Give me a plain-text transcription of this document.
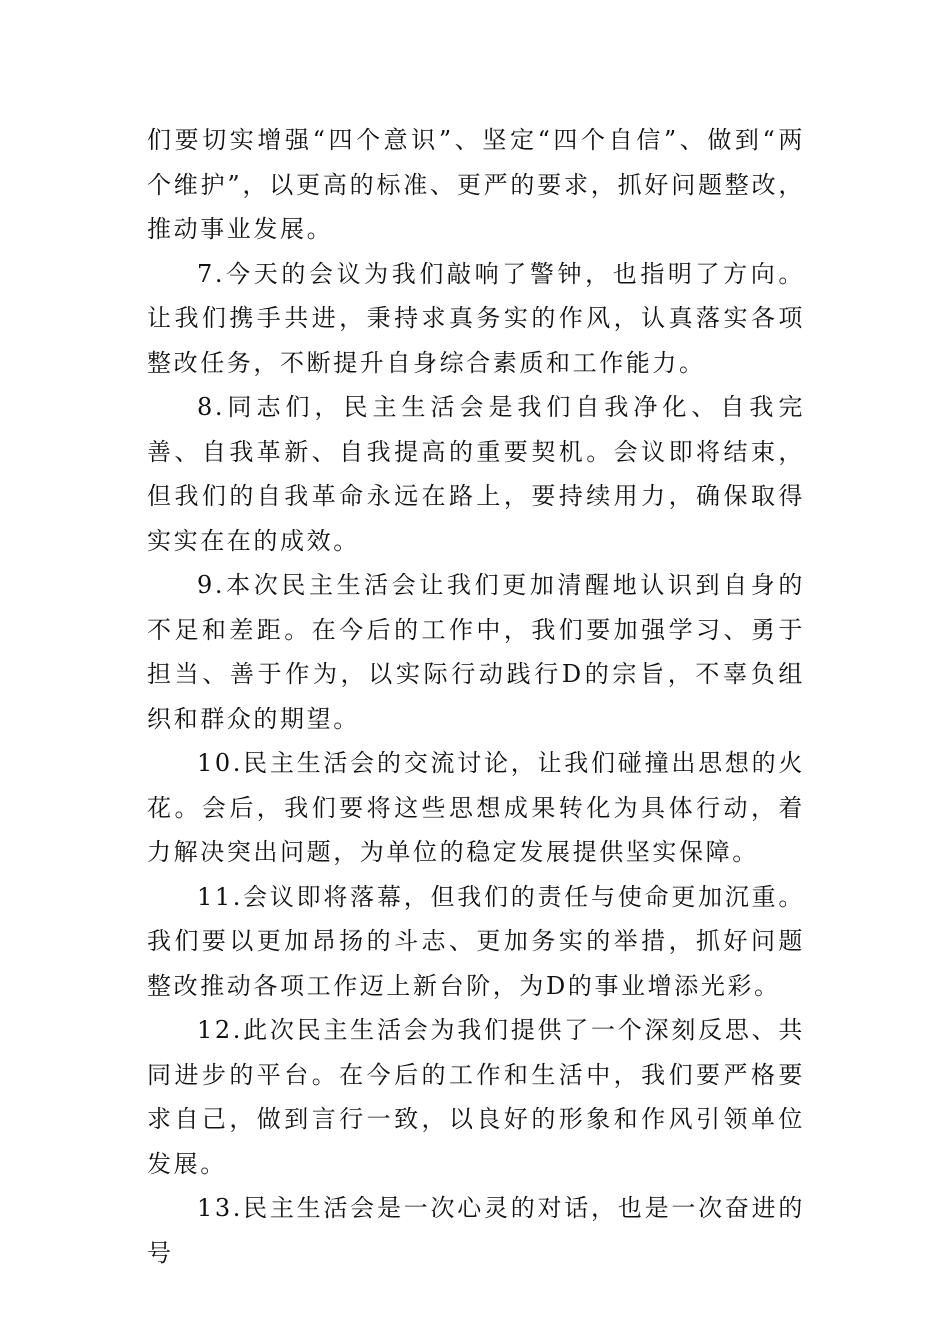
们要切实增强“四个意识”、坚定“四个自信”、做到“两个维护”，以更高的标准、更严的要求，抓好问题整改，推动事业发展。

7.今天的会议为我们敲响了警钟，也指明了方向。让我们携手共进，秉持求真务实的作风，认真落实各项整改任务，不断提升自身综合素质和工作能力。

8.同志们，民主生活会是我们自我净化、自我完善、自我革新、自我提高的重要契机。会议即将结束，但我们的自我革命永远在路上，要持续用力，确保取得实实在在的成效。

9.本次民主生活会让我们更加清醒地认识到自身的不足和差距。在今后的工作中，我们要加强学习、勇于担当、善于作为，以实际行动践行D的宗旨，不辜负组织和群众的期望。

10.民主生活会的交流讨论，让我们碰撞出思想的火花。会后，我们要将这些思想成果转化为具体行动，着力解决突出问题，为单位的稳定发展提供坚实保障。

11.会议即将落幕，但我们的责任与使命更加沉重。我们要以更加昂扬的斗志、更加务实的举措，抓好问题整改推动各项工作迈上新台阶，为D的事业增添光彩。

12.此次民主生活会为我们提供了一个深刻反思、共同进步的平台。在今后的工作和生活中，我们要严格要求自己，做到言行一致，以良好的形象和作风引领单位发展。

13.民主生活会是一次心灵的对话，也是一次奋进的号
